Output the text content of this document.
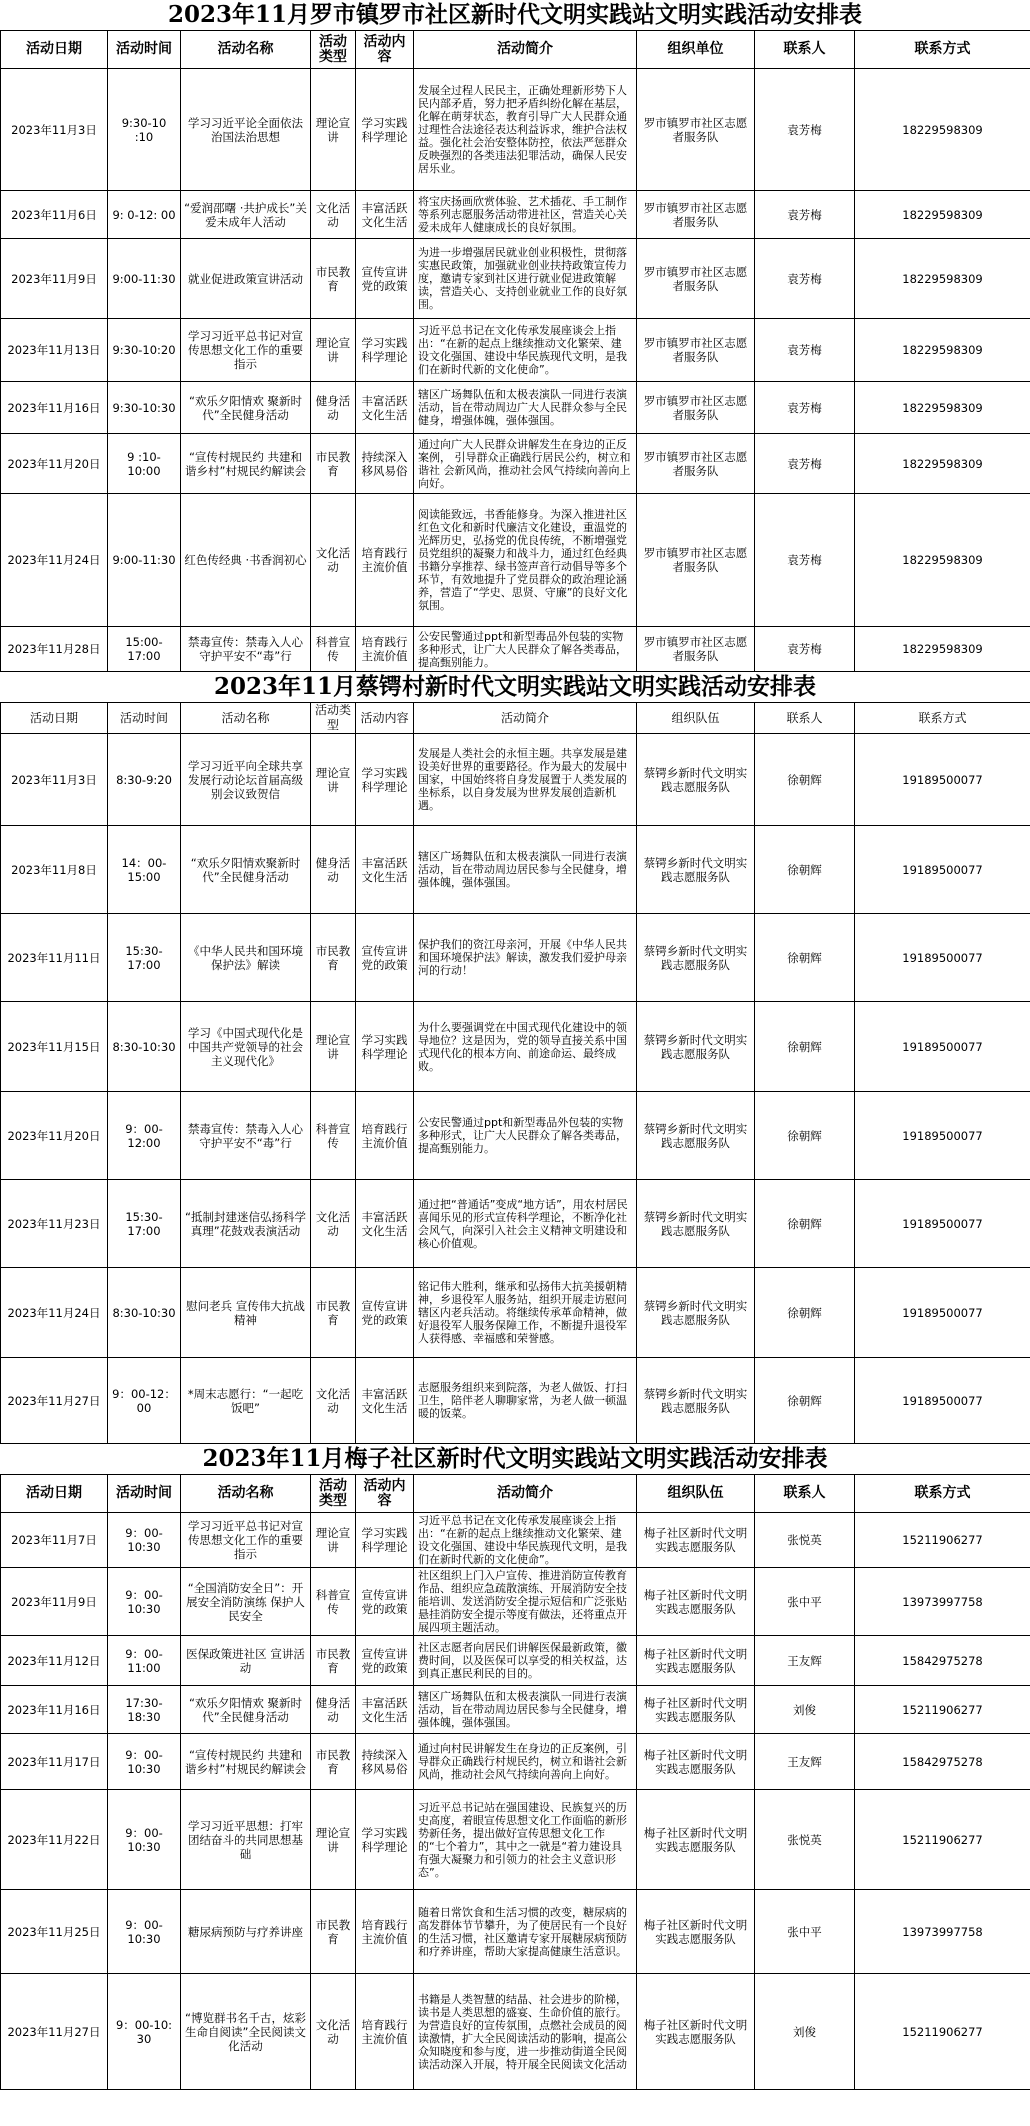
2023年11月罗市镇罗市社区新时代文明实践站文明实践活动安排表
活动日期	活动时间	活动名称	活动类型	活动内容	活动简介	组织单位	联系人	联系方式
2023年11月3日	9:30-10 :10	学习习近平论全面依法治国法治思想	理论宣讲	学习实践科学理论	发展全过程人民民主，正确处理新形势下人民内部矛盾，努力把矛盾纠纷化解在基层，化解在萌芽状态，教育引导广大人民群众通过理性合法途径表达利益诉求，维护合法权益。强化社会治安整体防控，依法严惩群众反映强烈的各类违法犯罪活动，确保人民安居乐业。	罗市镇罗市社区志愿者服务队	袁芳梅	18229598309
2023年11月6日	9: 0-12: 00	“爱润邵曙 ·共护成长”关爱未成年人活动	文化活动	丰富活跃文化生活	将宝庆扬画欣赏体验、艺术插花、手工制作等系列志愿服务活动带进社区，营造关心关爱未成年人健康成长的良好氛围。	罗市镇罗市社区志愿者服务队	袁芳梅	18229598309
2023年11月9日	9:00-11:30	就业促进政策宣讲活动	市民教育	宣传宣讲党的政策	为进一步增强居民就业创业积极性，贯彻落实惠民政策，加强就业创业扶持政策宣传力度，邀请专家到社区进行就业促进政策解读，营造关心、支持创业就业工作的良好氛围。	罗市镇罗市社区志愿者服务队	袁芳梅	18229598309
2023年11月13日	9:30-10:20	学习习近平总书记对宣传思想文化工作的重要指示	理论宣讲	学习实践科学理论	习近平总书记在文化传承发展座谈会上指出：“在新的起点上继续推动文化繁荣、建设文化强国、建设中华民族现代文明，是我们在新时代新的文化使命”。	罗市镇罗市社区志愿者服务队	袁芳梅	18229598309
2023年11月16日	9:30-10:30	“欢乐夕阳情欢 聚新时代”全民健身活动	健身活动	丰富活跃文化生活	辖区广场舞队伍和太极表演队一同进行表演活动，旨在带动周边广大人民群众参与全民健身，增强体魄，强体强国。	罗市镇罗市社区志愿者服务队	袁芳梅	18229598309
2023年11月20日	9 :10-10:00	“宣传村规民约 共建和谐乡村”村规民约解读会	市民教育	持续深入移风易俗	通过向广大人民群众讲解发生在身边的正反案例， 引导群众正确践行居民公约，树立和谐社 会新风尚，推动社会风气持续向善向上向好。	罗市镇罗市社区志愿者服务队	袁芳梅	18229598309
2023年11月24日	9:00-11:30	红色传经典 ·书香润初心	文化活动	培育践行主流价值	阅读能致远，书香能修身。为深入推进社区红色文化和新时代廉洁文化建设，重温党的光辉历史，弘扬党的优良传统，不断增强党员党组织的凝聚力和战斗力，通过红色经典书籍分享推荐、绿书签声音行动倡导等多个环节，有效地提升了党员群众的政治理论涵养，营造了“学史、思贤、守廉”的良好文化氛围。	罗市镇罗市社区志愿者服务队	袁芳梅	18229598309
2023年11月28日	15:00-17:00	禁毒宣传：禁毒入人心守护平安不“毒”行	科普宣传	培育践行主流价值	公安民警通过ppt和新型毒品外包装的实物多种形式，让广大人民群众了解各类毒品，提高甄别能力。	罗市镇罗市社区志愿者服务队	袁芳梅	18229598309
2023年11月蔡锷村新时代文明实践站文明实践活动安排表
活动日期	活动时间	活动名称	活动类型	活动内容	活动简介	组织队伍	联系人	联系方式
2023年11月3日	8:30-9:20	学习习近平向全球共享发展行动论坛首届高级别会议致贺信	理论宣讲	学习实践科学理论	发展是人类社会的永恒主题。共享发展是建设美好世界的重要路径。作为最大的发展中国家，中国始终将自身发展置于人类发展的坐标系，以自身发展为世界发展创造新机遇。	蔡锷乡新时代文明实践志愿服务队	徐朝辉	19189500077
2023年11月8日	14：00-15:00	“欢乐夕阳情欢聚新时代”全民健身活动	健身活动	丰富活跃文化生活	辖区广场舞队伍和太极表演队一同进行表演活动，旨在带动周边居民参与全民健身，增强体魄，强体强国。	蔡锷乡新时代文明实践志愿服务队	徐朝辉	19189500077
2023年11月11日	15:30-17:00	《中华人民共和国环境保护法》解读	市民教育	宣传宣讲党的政策	保护我们的资江母亲河，开展《中华人民共和国环境保护法》解读，激发我们爱护母亲河的行动！	蔡锷乡新时代文明实践志愿服务队	徐朝辉	19189500077
2023年11月15日	8:30-10:30	学习《中国式现代化是中国共产党领导的社会主义现代化》	理论宣讲	学习实践科学理论	为什么要强调党在中国式现代化建设中的领导地位？这是因为，党的领导直接关系中国式现代化的根本方向、前途命运、最终成败。	蔡锷乡新时代文明实践志愿服务队	徐朝辉	19189500077
2023年11月20日	9：00-12:00	禁毒宣传：禁毒入人心守护平安不“毒”行	科普宣传	培育践行主流价值	公安民警通过ppt和新型毒品外包装的实物多种形式，让广大人民群众了解各类毒品，提高甄别能力。	蔡锷乡新时代文明实践志愿服务队	徐朝辉	19189500077
2023年11月23日	15:30-17:00	“抵制封建迷信弘扬科学真理”花鼓戏表演活动	文化活动	丰富活跃文化生活	通过把“普通话”变成“地方话”，用农村居民喜闻乐见的形式宣传科学理论，不断净化社会风气，向深引入社会主义精神文明建设和核心价值观。	蔡锷乡新时代文明实践志愿服务队	徐朝辉	19189500077
2023年11月24日	8:30-10:30	慰问老兵 宣传伟大抗战精神	市民教育	宣传宣讲党的政策	铭记伟大胜利，继承和弘扬伟大抗美援朝精神，乡退役军人服务站，组织开展走访慰问辖区内老兵活动。将继续传承革命精神，做好退役军人服务保障工作，不断提升退役军人获得感、幸福感和荣誉感。	蔡锷乡新时代文明实践志愿服务队	徐朝辉	19189500077
2023年11月27日	9：00-12：00	*周末志愿行：“一起吃饭吧”	文化活动	丰富活跃文化生活	志愿服务组织来到院落，为老人做饭、打扫卫生，陪伴老人聊聊家常，为老人做一顿温暖的饭菜。	蔡锷乡新时代文明实践志愿服务队	徐朝辉	19189500077
2023年11月梅子社区新时代文明实践站文明实践活动安排表
活动日期	活动时间	活动名称	活动类型	活动内容	活动简介	组织队伍	联系人	联系方式
2023年11月7日	9：00-10:30	学习习近平总书记对宣传思想文化工作的重要指示	理论宣讲	学习实践科学理论	习近平总书记在文化传承发展座谈会上指出：“在新的起点上继续推动文化繁荣、建设文化强国、建设中华民族现代文明，是我们在新时代新的文化使命”。	梅子社区新时代文明实践志愿服务队	张悦英	15211906277
2023年11月9日	9：00-10:30	“全国消防安全日”：开展安全消防演练 保护人民安全	科普宣传	宣传宣讲党的政策	社区组织上门入户宣传、推进消防宣传教育作品、组织应急疏散演练、开展消防安全技能培训、发送消防安全提示短信和广泛张贴悬挂消防安全提示等度有做法，还将重点开展四项主题活动。	梅子社区新时代文明实践志愿服务队	张中平	13973997758
2023年11月12日	9：00-11:00	医保政策进社区 宣讲活动	市民教育	宣传宣讲党的政策	社区志愿者向居民们讲解医保最新政策，徽费时间，以及医保可以享受的相关权益，达到真正惠民利民的目的。	梅子社区新时代文明实践志愿服务队	王友辉	15842975278
2023年11月16日	17:30-18:30	“欢乐夕阳情欢 聚新时代”全民健身活动	健身活动	丰富活跃文化生活	辖区广场舞队伍和太极表演队一同进行表演活动，旨在带动周边居民参与全民健身，增强体魄，强体强国。	梅子社区新时代文明实践志愿服务队	刘俊	15211906277
2023年11月17日	9：00-10:30	“宣传村规民约 共建和谐乡村”村规民约解读会	市民教育	持续深入移风易俗	通过向村民讲解发生在身边的正反案例，引导群众正确践行村规民约，树立和谐社会新风尚，推动社会风气持续向善向上向好。	梅子社区新时代文明实践志愿服务队	王友辉	15842975278
2023年11月22日	9：00-10:30	学习习近平思想：打牢团结奋斗的共同思想基础	理论宣讲	学习实践科学理论	习近平总书记站在强国建设、民族复兴的历史高度，着眼宣传思想文化工作面临的新形势新任务，提出做好宣传思想文化工作的“七个着力”，其中之一就是“着力建设具有强大凝聚力和引领力的社会主义意识形态”。	梅子社区新时代文明实践志愿服务队	张悦英	15211906277
2023年11月25日	9：00-10:30	糖尿病预防与疗养讲座	市民教育	培育践行主流价值	随着日常饮食和生活习惯的改变，糖尿病的高发群体节节攀升，为了使居民有一个良好的生活习惯，社区邀请专家开展糖尿病预防和疗养讲座，帮助大家提高健康生活意识。	梅子社区新时代文明实践志愿服务队	张中平	13973997758
2023年11月27日	9：00-10: 30	“博览群书名千古，炫彩生命自阅读”全民阅读文化活动	文化活动	培育践行主流价值	书籍是人类智慧的结晶、社会进步的阶梯，读书是人类思想的盛宴、生命价值的旅行。为营造良好的宣传氛围，点燃社会成员的阅读激情，扩大全民阅读活动的影响，提高公众知晓度和参与度，进一步推动街道全民阅读活动深入开展，特开展全民阅读文化活动	梅子社区新时代文明实践志愿服务队	刘俊	15211906277
